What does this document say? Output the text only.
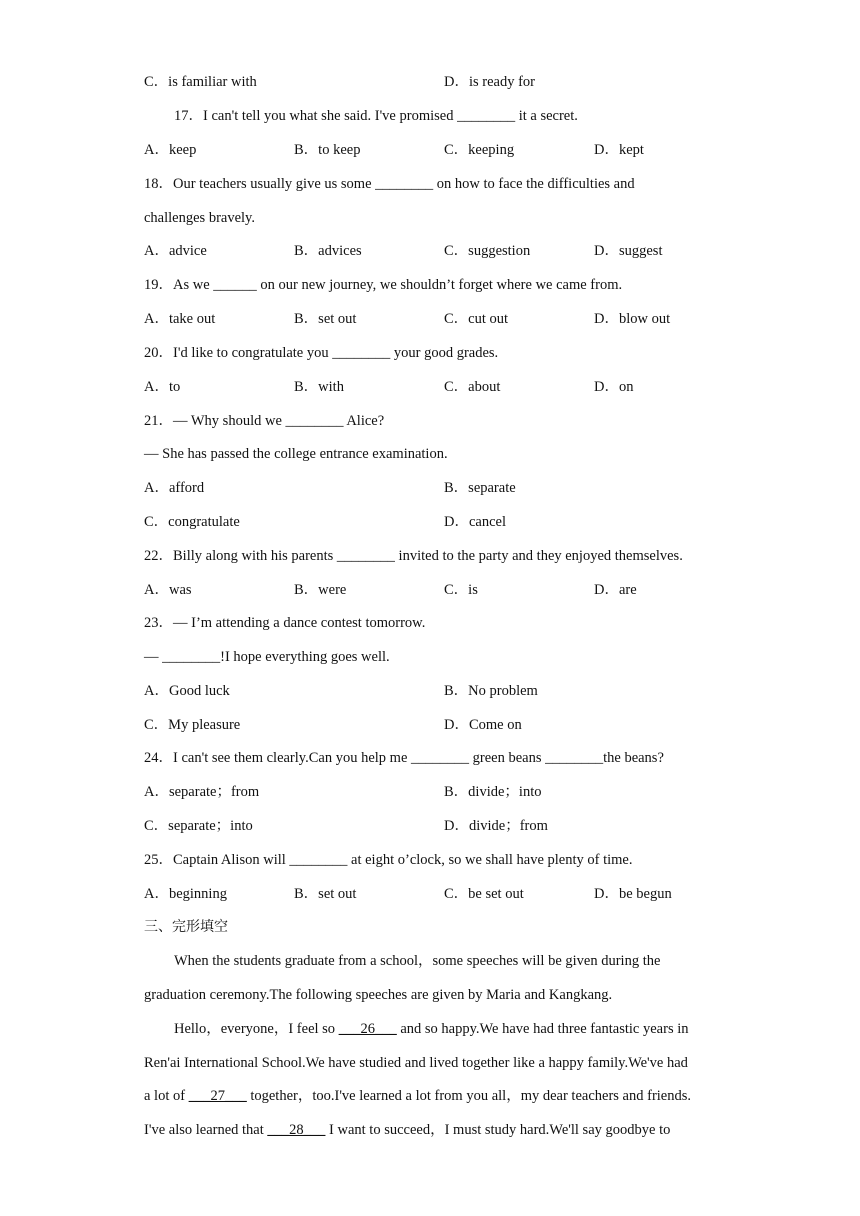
C．is familiar with	D．is ready for
17．I can't tell you what she said. I've promised ________ it a secret.
A．keep	B．to keep	C．keeping	D．kept
18．Our teachers usually give us some ________ on how to face the difficulties and
challenges bravely.
A．advice	B．advices	C．suggestion	D．suggest
19．As we ______ on our new journey, we shouldn’t forget where we came from.
A．take out	B．set out	C．cut out	D．blow out
20．I'd like to congratulate you ________ your good grades.
A．to	B．with	C．about	D．on
21．— Why should we ________ Alice?
— She has passed the college entrance examination.
A．afford	B．separate
C．congratulate	D．cancel
22．Billy along with his parents ________ invited to the party and they enjoyed themselves.
A．was	B．were	C．is	D．are
23．— I’m attending a dance contest tomorrow.
— ________!I hope everything goes well.
A．Good luck	B．No problem
C．My pleasure	D．Come on
24．I can't see them clearly.Can you help me ________ green beans ________the beans?
A．separate；from	B．divide；into
C．separate；into	D．divide；from
25．Captain Alison will ________ at eight o’clock, so we shall have plenty of time.
A．beginning	B．set out	C．be set out	D．be begun
三、完形填空
When the students graduate from a school，some speeches will be given during the
graduation ceremony.The following speeches are given by Maria and Kangkang.
Hello，everyone，I feel so ___26___ and so happy.We have had three fantastic years in
Ren'ai International School.We have studied and lived together like a happy family.We've had
a lot of ___27___ together，too.I've learned a lot from you all，my dear teachers and friends.
I've also learned that ___28___ I want to succeed，I must study hard.We'll say goodbye to
